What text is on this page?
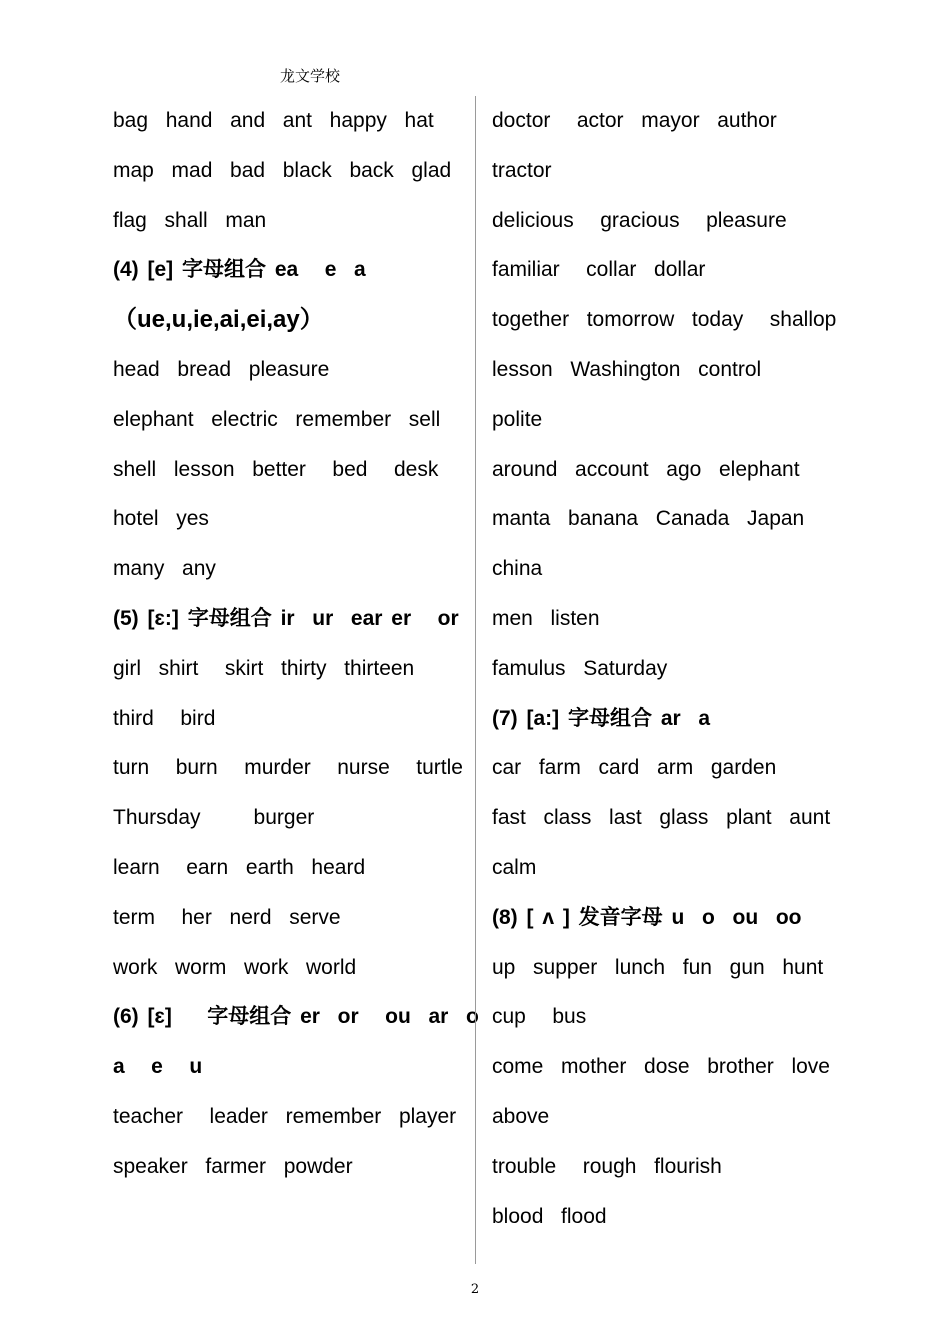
龙文学校
bag  hand  and  ant  happy  hat
map  mad  bad  black  back  glad
flag  shall  man
(4) [e] 字母组合 ea   e  a
（ue,u,ie,ai,ei,ay）
head  bread  pleasure
elephant  electric  remember  sell
shell  lesson  better   bed   desk
hotel  yes
many  any
(5) [ɛ:] 字母组合 ir  ur  ear er   or
girl  shirt   skirt  thirty  thirteen
third   bird
turn   burn   murder   nurse   turtle
Thursday      burger
learn   earn  earth  heard
term   her  nerd  serve
work  worm  work  world
(6) [ɛ]    字母组合 er  or   ou  ar  o
a   e   u
teacher   leader  remember  player
speaker  farmer  powder
doctor   actor  mayor  author
tractor
delicious   gracious   pleasure
familiar   collar  dollar
together  tomorrow  today   shallop
lesson  Washington  control
polite
around  account  ago  elephant
manta  banana  Canada  Japan
china
men  listen
famulus  Saturday
(7) [a:] 字母组合 ar  a
car  farm  card  arm  garden
fast  class  last  glass  plant  aunt
calm
(8) [ ʌ ] 发音字母 u  o  ou  oo
up  supper  lunch  fun  gun  hunt
cup   bus
come  mother  dose  brother  love
above
trouble   rough  flourish
blood  flood
2
